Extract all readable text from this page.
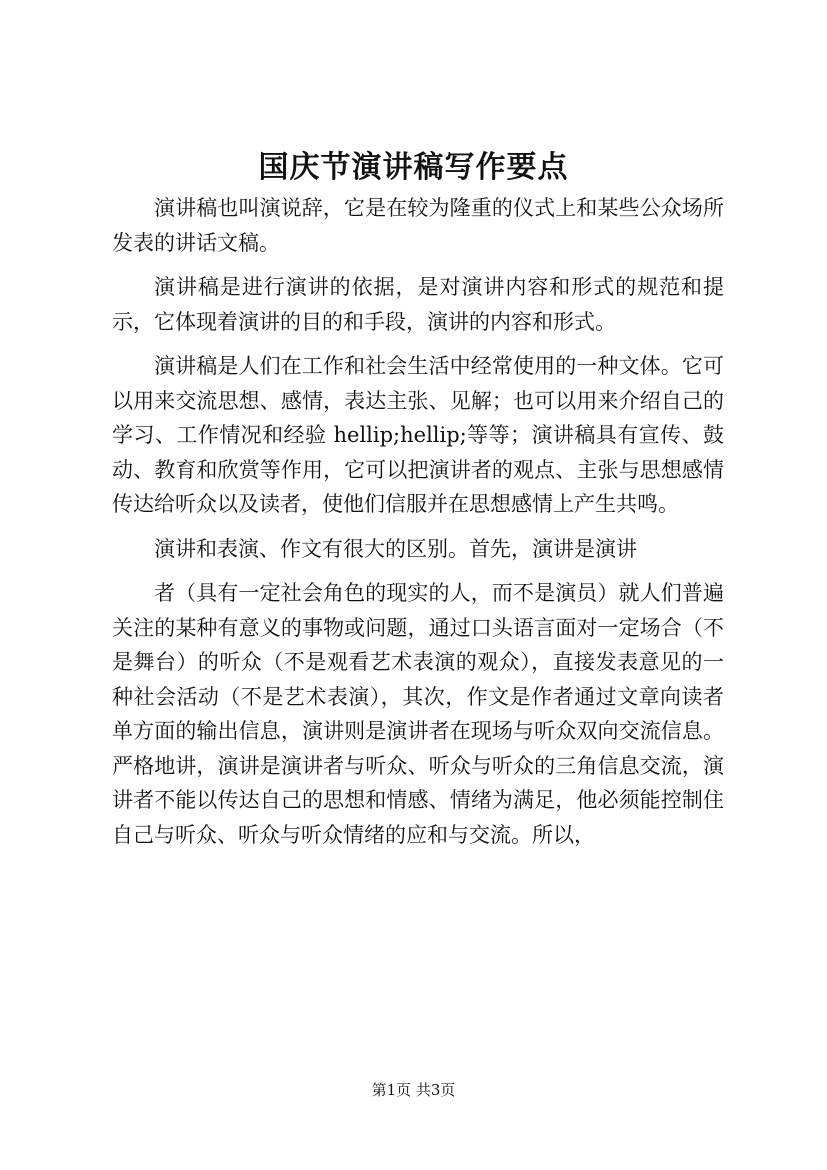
国庆节演讲稿写作要点

演讲稿也叫演说辞，它是在较为隆重的仪式上和某些公众场所发表的讲话文稿。

演讲稿是进行演讲的依据，是对演讲内容和形式的规范和提示，它体现着演讲的目的和手段，演讲的内容和形式。

演讲稿是人们在工作和社会生活中经常使用的一种文体。它可以用来交流思想、感情，表达主张、见解；也可以用来介绍自己的学习、工作情况和经验 hellip;hellip;等等；演讲稿具有宣传、鼓动、教育和欣赏等作用，它可以把演讲者的观点、主张与思想感情传达给听众以及读者，使他们信服并在思想感情上产生共鸣。

演讲和表演、作文有很大的区别。首先，演讲是演讲

者（具有一定社会角色的现实的人，而不是演员）就人们普遍关注的某种有意义的事物或问题，通过口头语言面对一定场合（不是舞台）的听众（不是观看艺术表演的观众），直接发表意见的一种社会活动（不是艺术表演），其次，作文是作者通过文章向读者单方面的输出信息，演讲则是演讲者在现场与听众双向交流信息。严格地讲，演讲是演讲者与听众、听众与听众的三角信息交流，演讲者不能以传达自己的思想和情感、情绪为满足，他必须能控制住自己与听众、听众与听众情绪的应和与交流。所以，

第1页 共3页
